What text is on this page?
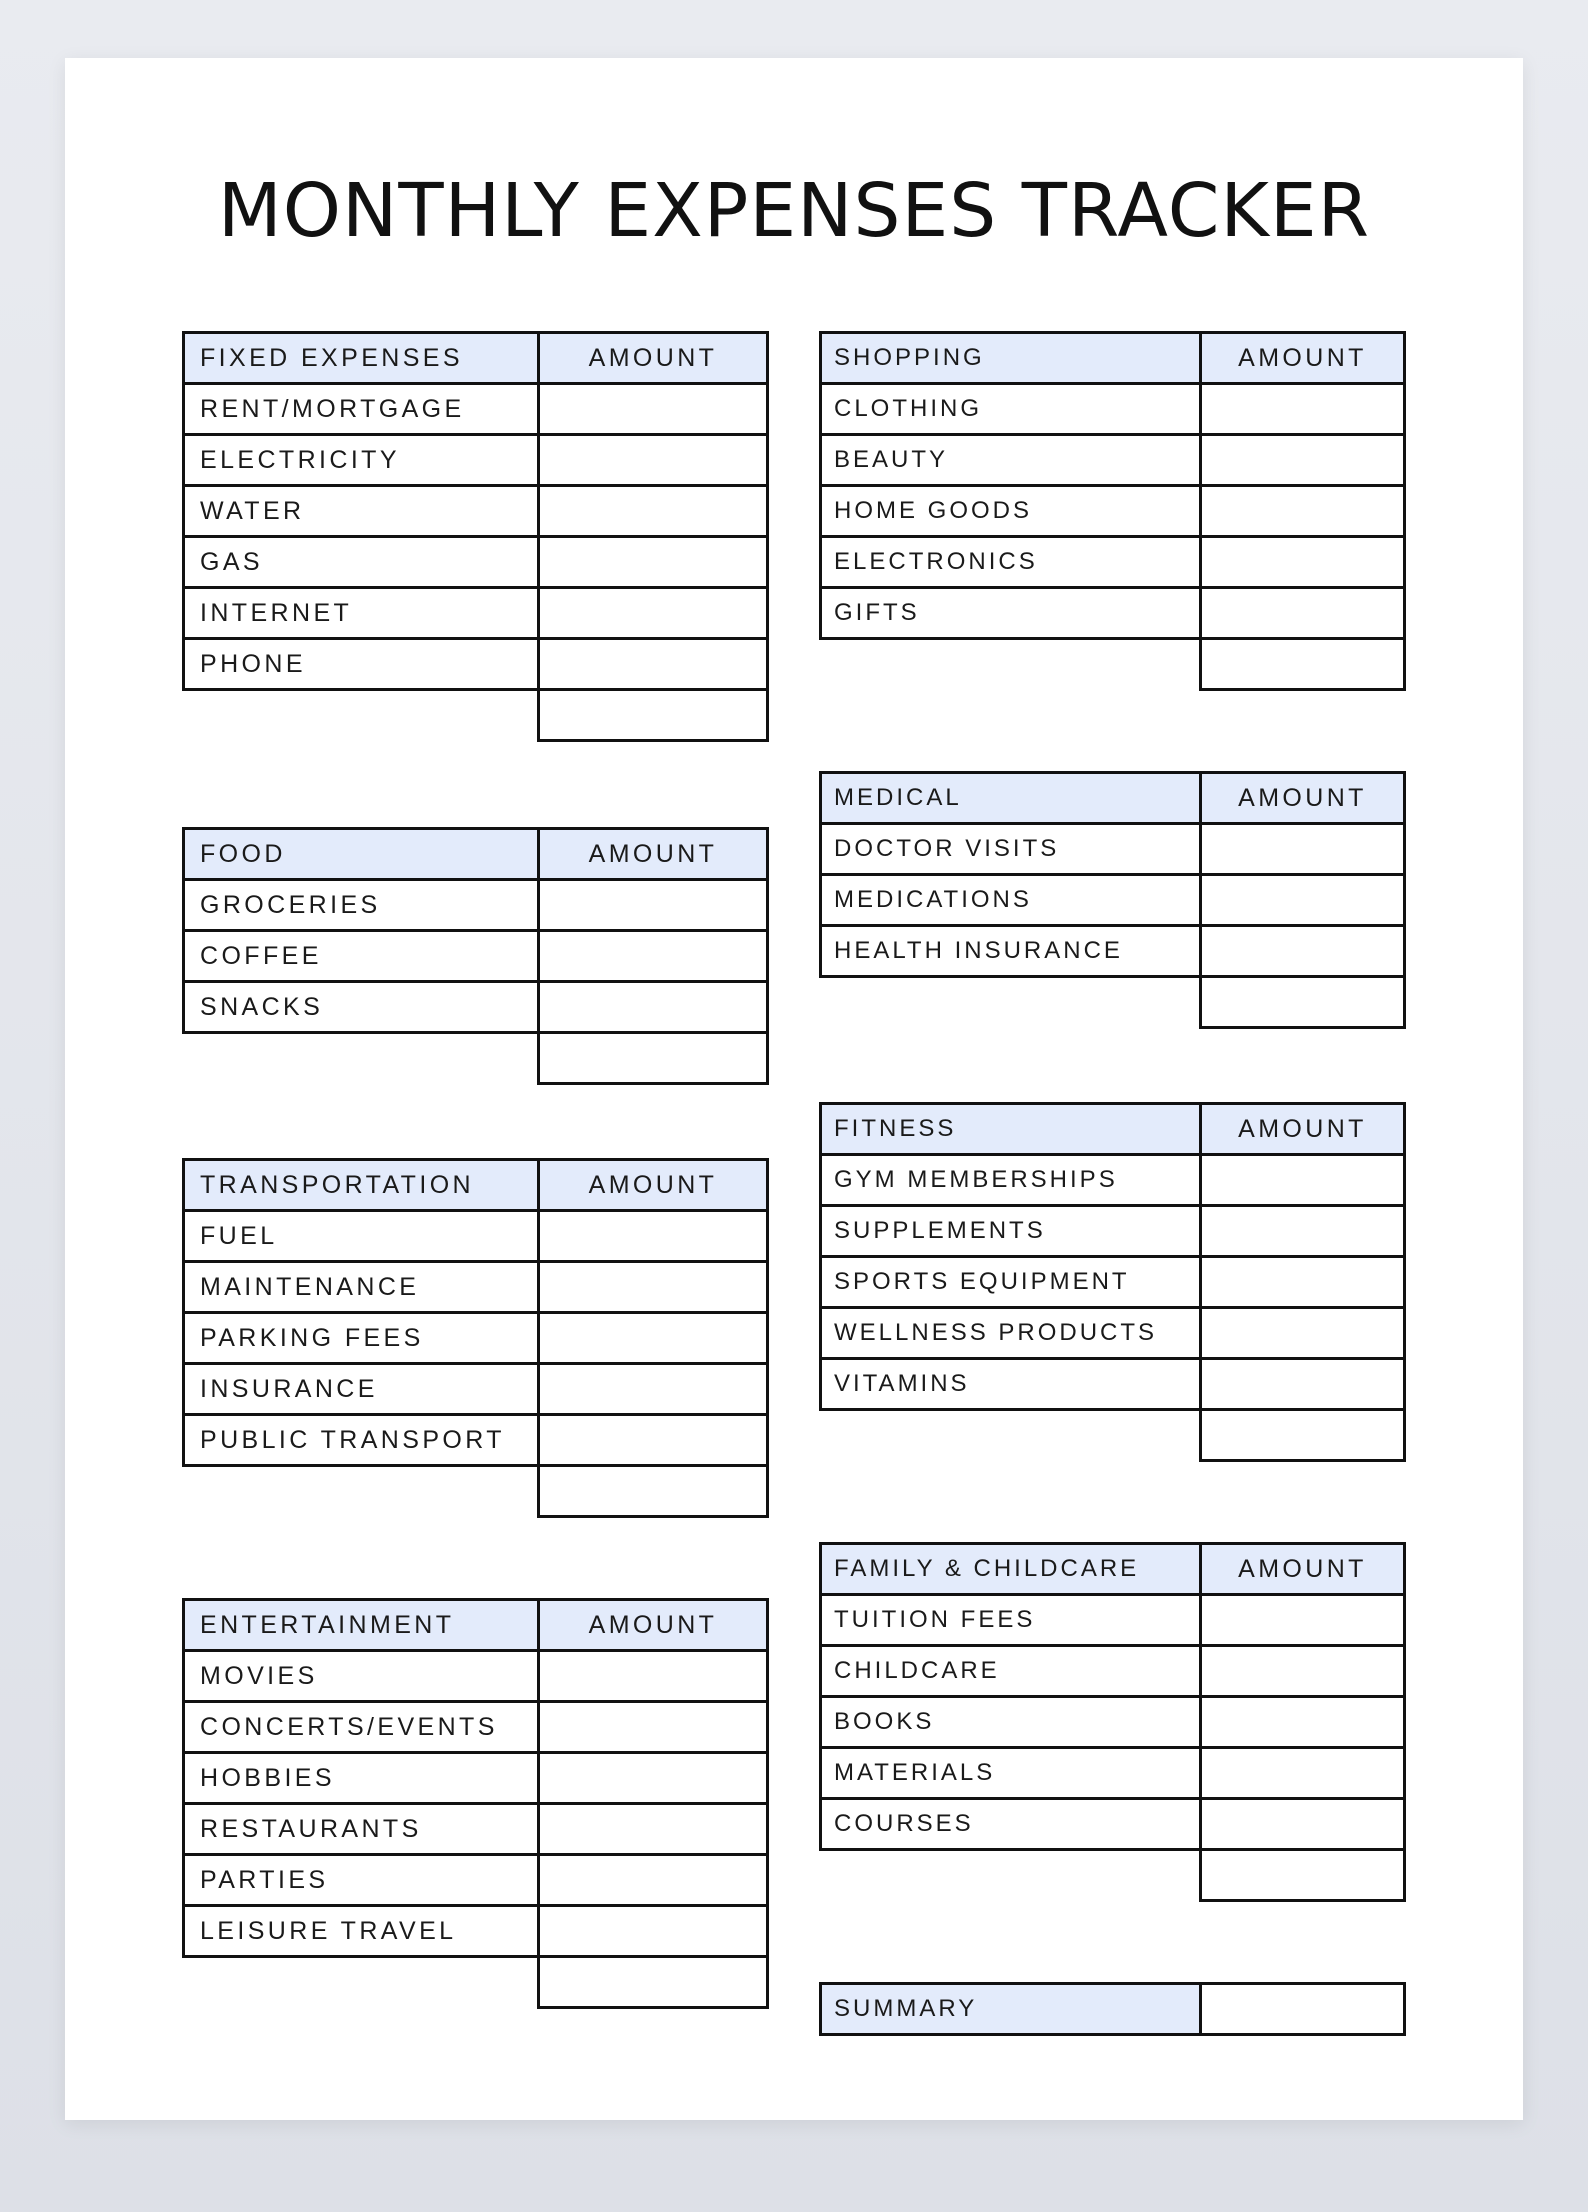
MONTHLY EXPENSES TRACKER
FIXED EXPENSES	AMOUNT

RENT/MORTGAGE	

ELECTRICITY	

WATER	

GAS	

INTERNET	

PHONE	

FOOD	AMOUNT

GROCERIES	

COFFEE	

SNACKS	

TRANSPORTATION	AMOUNT

FUEL	

MAINTENANCE	

PARKING FEES	

INSURANCE	

PUBLIC TRANSPORT	

ENTERTAINMENT	AMOUNT

MOVIES	

CONCERTS/EVENTS	

HOBBIES	

RESTAURANTS	

PARTIES	

LEISURE TRAVEL	

SHOPPING	AMOUNT

CLOTHING	

BEAUTY	

HOME GOODS	

ELECTRONICS	

GIFTS	

MEDICAL	AMOUNT

DOCTOR VISITS	

MEDICATIONS	

HEALTH INSURANCE	

FITNESS	AMOUNT

GYM MEMBERSHIPS	

SUPPLEMENTS	

SPORTS EQUIPMENT	

WELLNESS PRODUCTS	

VITAMINS	

FAMILY & CHILDCARE	AMOUNT

TUITION FEES	

CHILDCARE	

BOOKS	

MATERIALS	

COURSES	

SUMMARY
